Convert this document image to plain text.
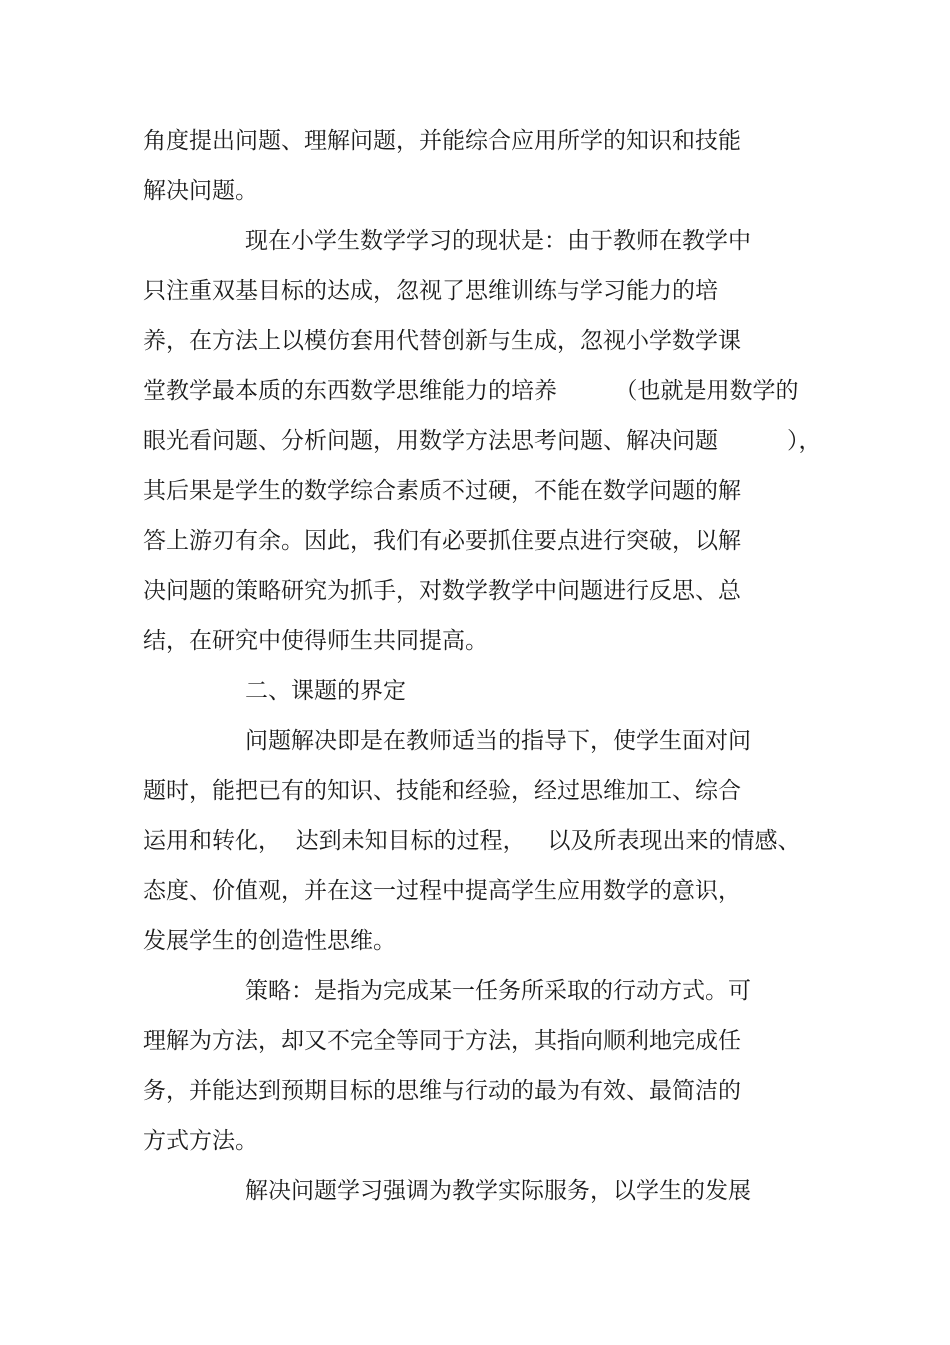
角度提出问题、理解问题，并能综合应用所学的知识和技能
解决问题。
现在小学生数学学习的现状是：由于教师在教学中
只注重双基目标的达成，忽视了思维训练与学习能力的培
养，在方法上以模仿套用代替创新与生成，忽视小学数学课
堂教学最本质的东西数学思维能力的培养　　　（也就是用数学的
眼光看问题、分析问题，用数学方法思考问题、解决问题　　　），
其后果是学生的数学综合素质不过硬，不能在数学问题的解
答上游刃有余。因此，我们有必要抓住要点进行突破，以解
决问题的策略研究为抓手，对数学教学中问题进行反思、总
结，在研究中使得师生共同提高。
二、课题的界定
问题解决即是在教师适当的指导下，使学生面对问
题时，能把已有的知识、技能和经验，经过思维加工、综合
运用和转化，  达到未知目标的过程，   以及所表现出来的情感、
态度、价值观，并在这一过程中提高学生应用数学的意识，
发展学生的创造性思维。
策略：是指为完成某一任务所采取的行动方式。可
理解为方法，却又不完全等同于方法，其指向顺利地完成任
务，并能达到预期目标的思维与行动的最为有效、最简洁的
方式方法。
解决问题学习强调为教学实际服务，以学生的发展
